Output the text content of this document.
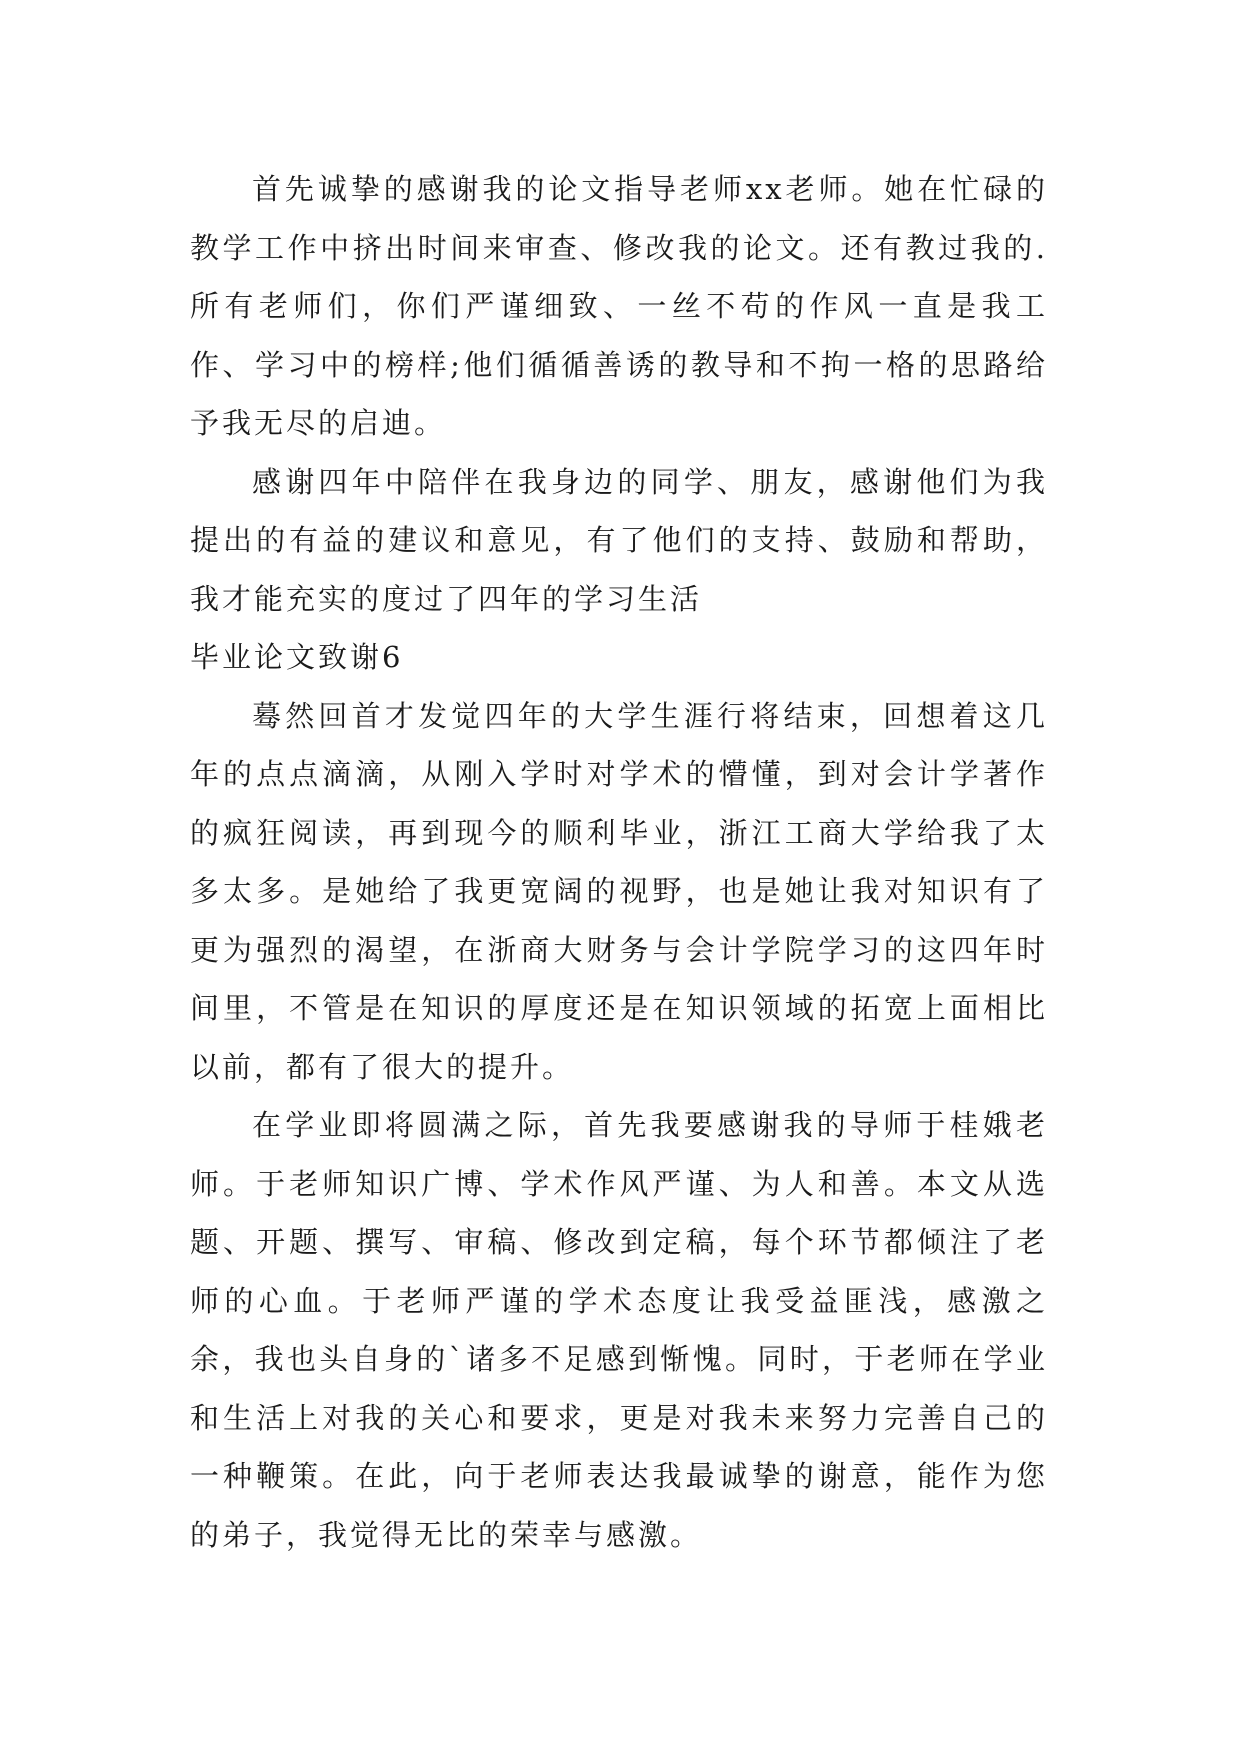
首先诚挚的感谢我的论文指导老师xx老师。她在忙碌的教学工作中挤出时间来审查、修改我的论文。还有教过我的.所有老师们，你们严谨细致、一丝不苟的作风一直是我工作、学习中的榜样;他们循循善诱的教导和不拘一格的思路给予我无尽的启迪。

感谢四年中陪伴在我身边的同学、朋友，感谢他们为我提出的有益的建议和意见，有了他们的支持、鼓励和帮助，我才能充实的度过了四年的学习生活

毕业论文致谢6

蓦然回首才发觉四年的大学生涯行将结束，回想着这几年的点点滴滴，从刚入学时对学术的懵懂，到对会计学著作的疯狂阅读，再到现今的顺利毕业，浙江工商大学给我了太多太多。是她给了我更宽阔的视野，也是她让我对知识有了更为强烈的渴望，在浙商大财务与会计学院学习的这四年时间里，不管是在知识的厚度还是在知识领域的拓宽上面相比以前，都有了很大的提升。

在学业即将圆满之际，首先我要感谢我的导师于桂娥老师。于老师知识广博、学术作风严谨、为人和善。本文从选题、开题、撰写、审稿、修改到定稿，每个环节都倾注了老师的心血。于老师严谨的学术态度让我受益匪浅，感激之余，我也头自身的`诸多不足感到惭愧。同时，于老师在学业和生活上对我的关心和要求，更是对我未来努力完善自己的一种鞭策。在此，向于老师表达我最诚挚的谢意，能作为您的弟子，我觉得无比的荣幸与感激。
